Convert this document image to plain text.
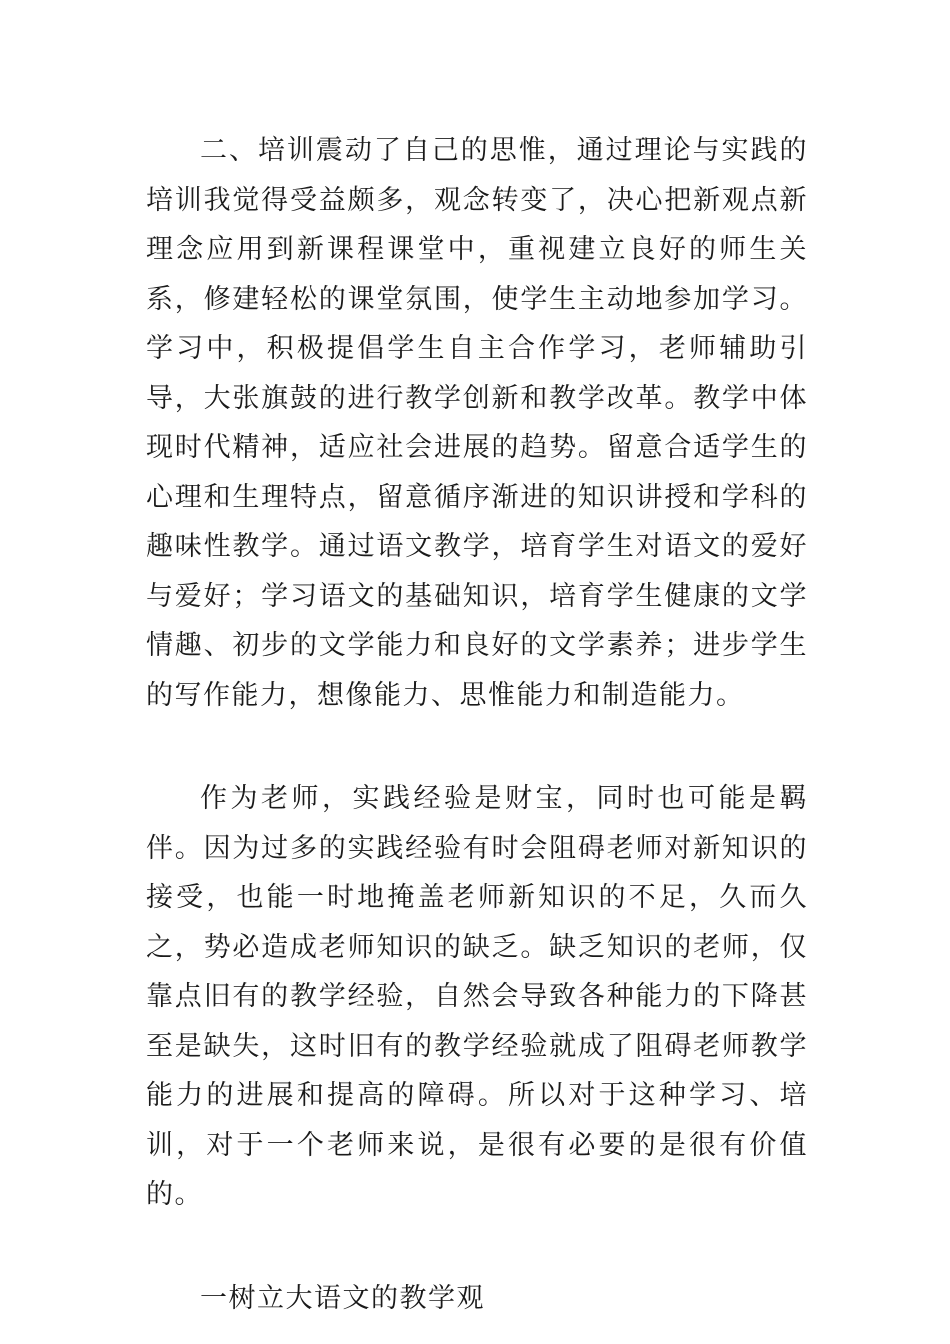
二、培训震动了自己的思惟，通过理论与实践的培训我觉得受益颇多，观念转变了，决心把新观点新理念应用到新课程课堂中，重视建立良好的师生关系，修建轻松的课堂氛围，使学生主动地参加学习。学习中，积极提倡学生自主合作学习，老师辅助引导，大张旗鼓的进行教学创新和教学改革。教学中体现时代精神，适应社会进展的趋势。留意合适学生的心理和生理特点，留意循序渐进的知识讲授和学科的趣味性教学。通过语文教学，培育学生对语文的爱好与爱好；学习语文的基础知识，培育学生健康的文学情趣、初步的文学能力和良好的文学素养；进步学生的写作能力，想像能力、思惟能力和制造能力。

作为老师，实践经验是财宝，同时也可能是羁伴。因为过多的实践经验有时会阻碍老师对新知识的接受，也能一时地掩盖老师新知识的不足，久而久之，势必造成老师知识的缺乏。缺乏知识的老师，仅靠点旧有的教学经验，自然会导致各种能力的下降甚至是缺失，这时旧有的教学经验就成了阻碍老师教学能力的进展和提高的障碍。所以对于这种学习、培训，对于一个老师来说，是很有必要的是很有价值的。

一树立大语文的教学观
